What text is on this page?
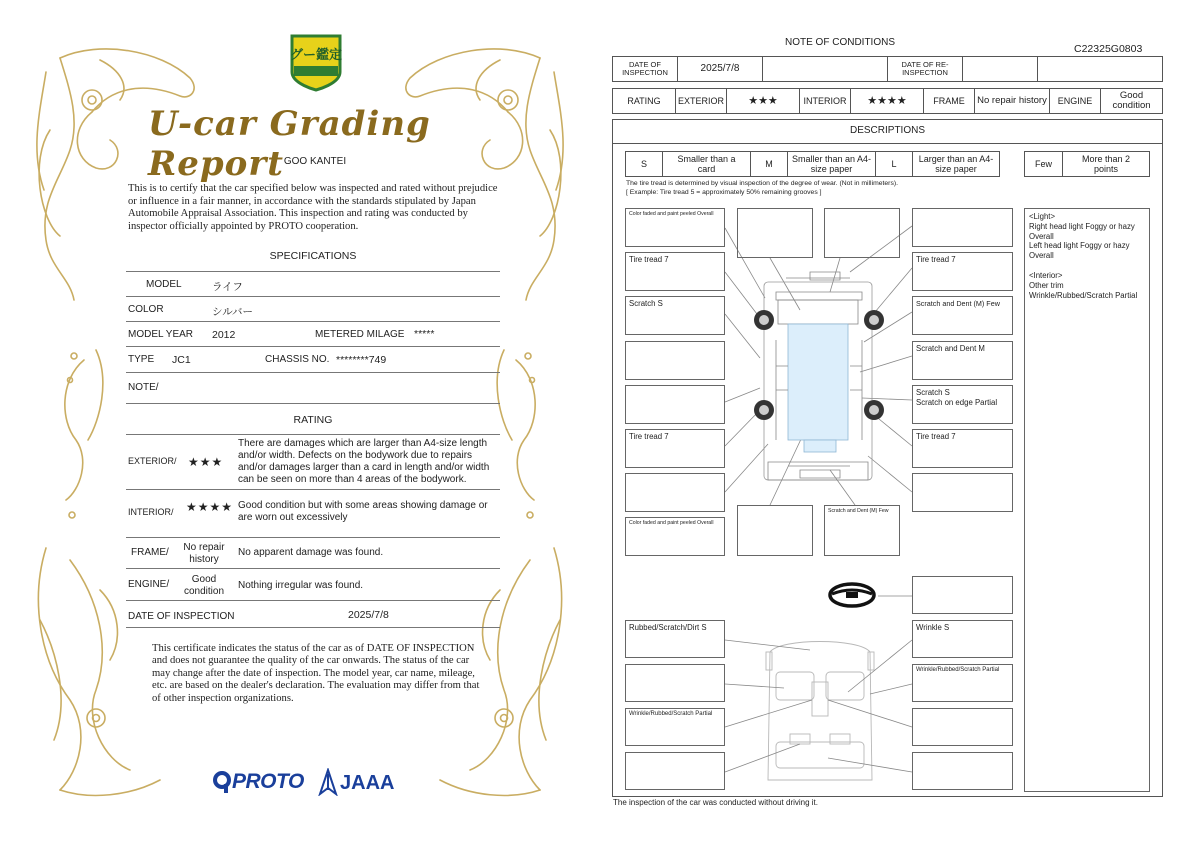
グー鑑定
U-car Grading Report GOO KANTEI
This is to certify that the car specified below was inspected and rated without prejudice or influence in a fair manner, in accordance with the standards stipulated by Japan Automobile Appraisal Association. This inspection and rating was conducted by inspector officially appointed by PROTO cooperation.
SPECIFICATIONS
MODEL	ライフ
COLOR	シルバー
MODEL YEAR 2012	METERED MILAGE *****
TYPE JC1	CHASSIS NO. ********749
NOTE/
RATING
EXTERIOR/ ★★★
There are damages which are larger than A4-size length and/or width. Defects on the bodywork due to repairs and/or damages larger than a card in length and/or width can be seen on more than 4 areas of the bodywork.
INTERIOR/ ★★★★ Good condition but with some areas showing damage or are worn out excessively
FRAME/	No repair history
No apparent damage was found.
ENGINE/	Good condition
Nothing irregular was found.
DATE OF INSPECTION	2025/7/8
This certificate indicates the status of the car as of DATE OF INSPECTION and does not guarantee the quality of the car onwards. The status of the car may change after the date of inspection. The model year, car name, mileage, etc. are based on the dealer's declaration. The evaluation may differ from that of other inspection organizations.
PROTO JAAA
NOTE OF CONDITIONS
C22325G0803
DATE OF INSPECTION	2025/7/8	DATE OF RE-INSPECTION
RATING	EXTERIOR	★★★	INTERIOR	★★★★	FRAME	No repair history	ENGINE	Good condition
DESCRIPTIONS
S	Smaller than a card	M	Smaller than an A4-size paper	L	Larger than an A4-size paper	Few	More than 2 points
The tire tread is determined by visual inspection of the degree of wear. (Not in millimeters).
[ Example: Tire tread 5 = approximately 50% remaining grooves ]
Color faded and paint peeled Overall
Tire tread 7
Scratch S
Tire tread 7
Color faded and paint peeled Overall
Scratch and Dent (M) Few
Tire tread 7
Scratch and Dent (M) Few
Scratch and Dent M
Scratch S
Scratch on edge Partial
Tire tread 7
Rubbed/Scratch/Dirt S
Wrinkle/Rubbed/Scratch Partial
Wrinkle S
Wrinkle/Rubbed/Scratch Partial
<Light>
Right head light Foggy or hazy Overall
Left head light Foggy or hazy Overall
<Interior>
Other trim
Wrinkle/Rubbed/Scratch Partial
The inspection of the car was conducted without driving it.
